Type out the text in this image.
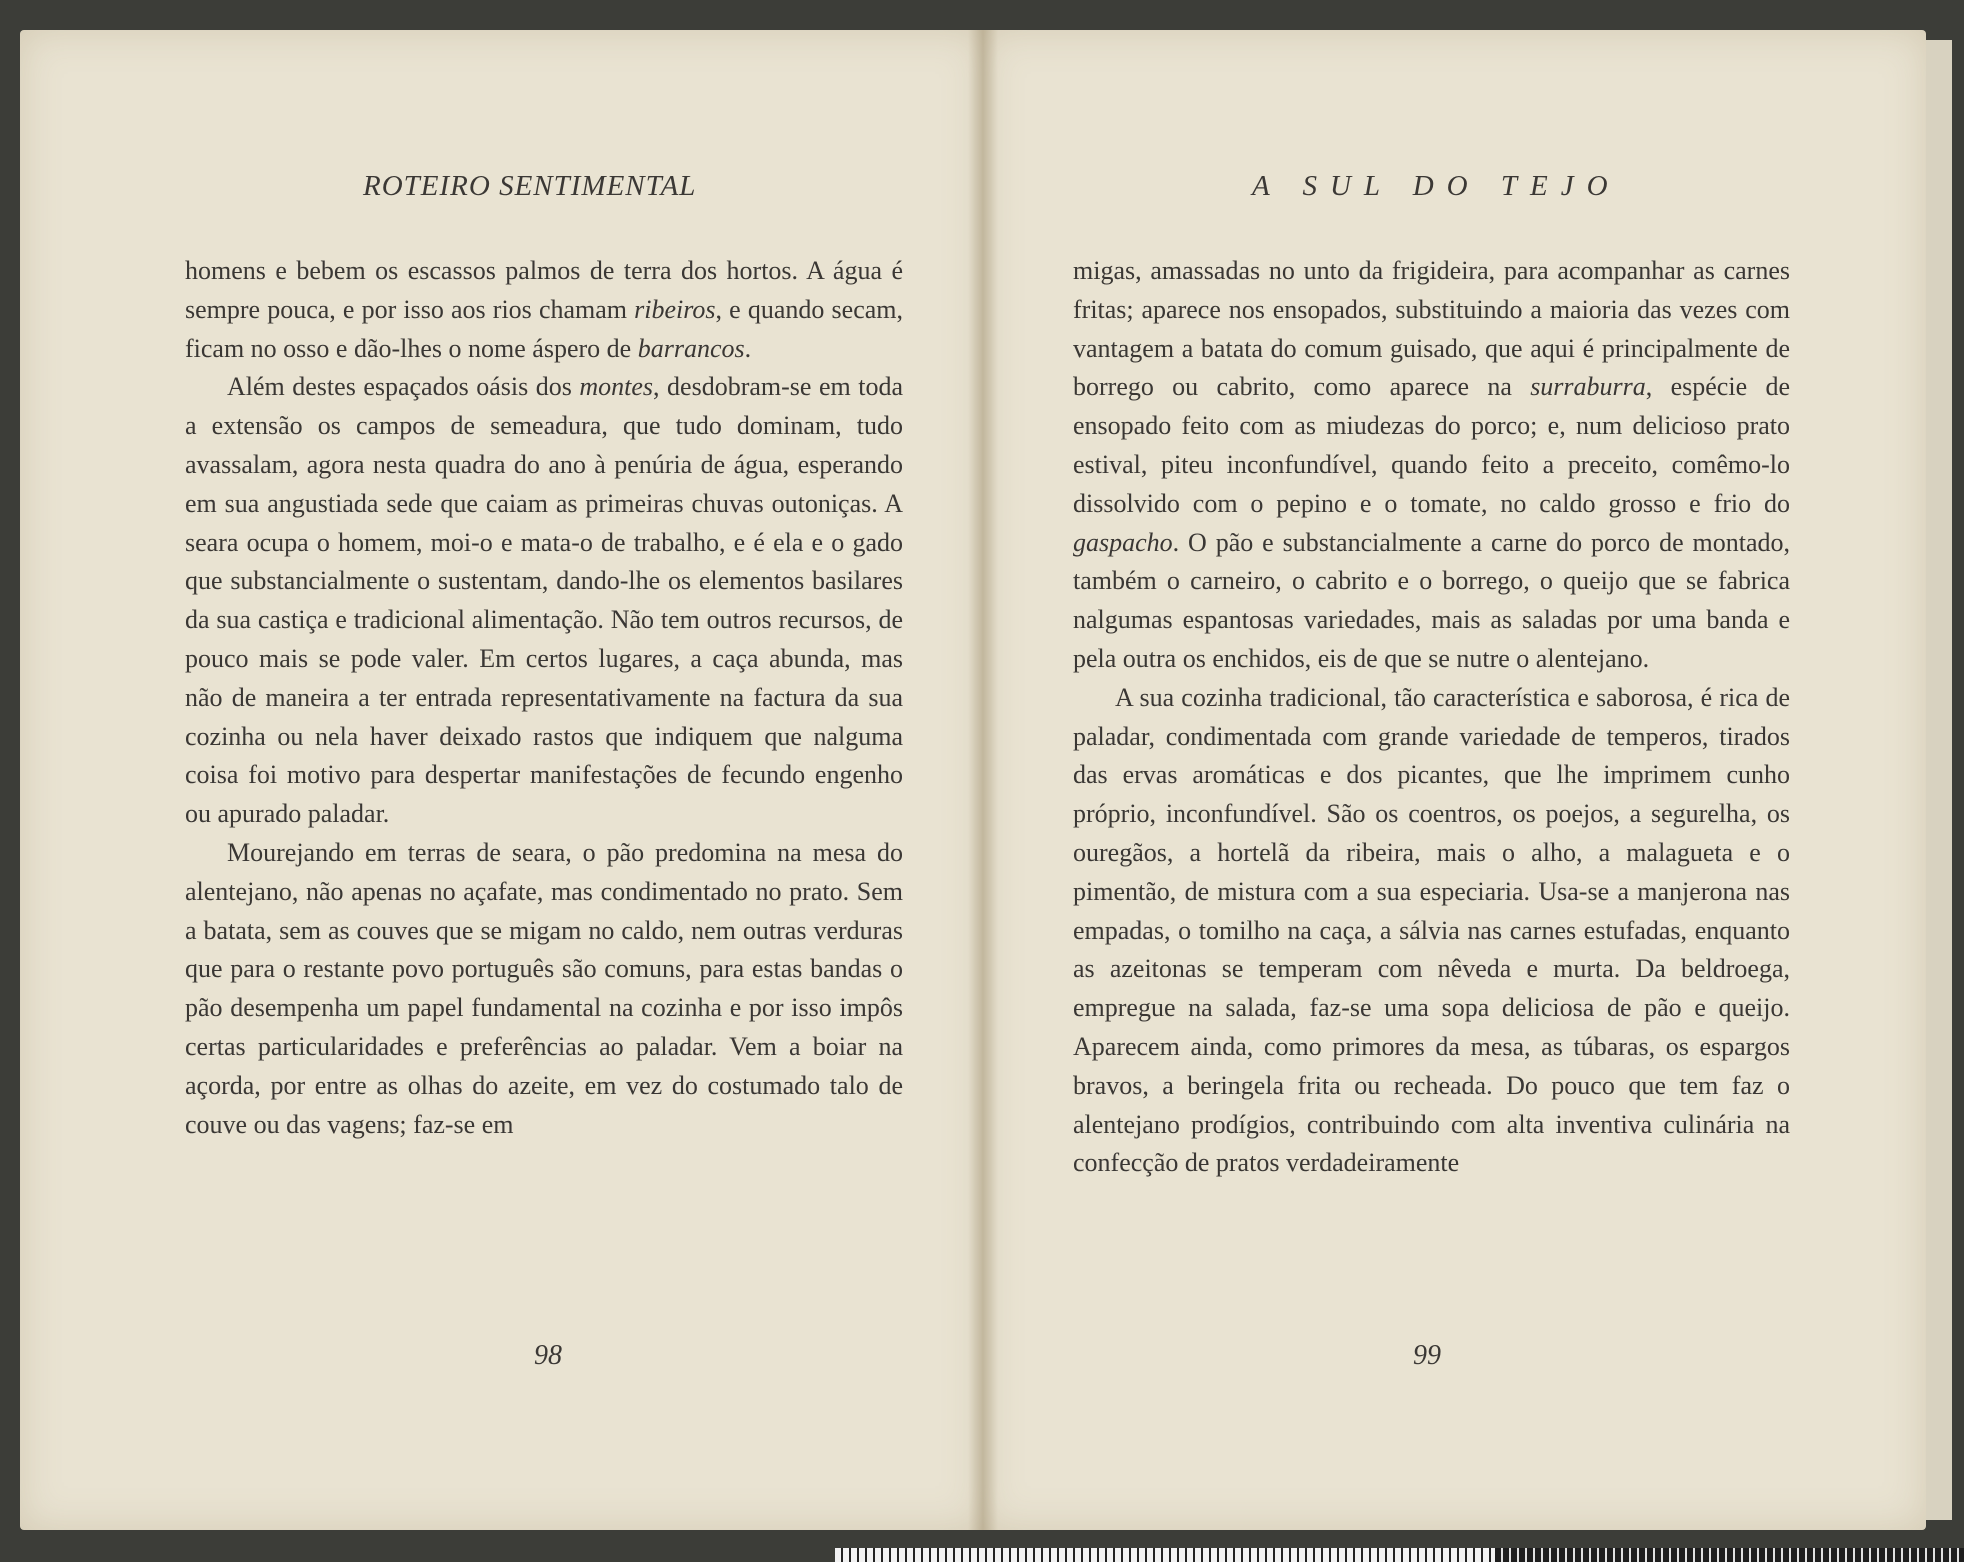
ROTEIRO SENTIMENTAL	A SUL DO TEJO

homens e bebem os escassos palmos de terra dos hortos. A água é sempre pouca, e por isso aos rios chamam ribeiros, e quando secam, ficam no osso e dão-lhes o nome áspero de barrancos.

Além destes espaçados oásis dos montes, desdobram-se em toda a extensão os campos de semeadura, que tudo dominam, tudo avassalam, agora nesta quadra do ano à penúria de água, esperando em sua angustiada sede que caiam as primeiras chuvas outoniças. A seara ocupa o homem, moi-o e mata-o de trabalho, e é ela e o gado que substancialmente o sustentam, dando-lhe os elementos basilares da sua castiça e tradicional alimentação. Não tem outros recursos, de pouco mais se pode valer. Em certos lugares, a caça abunda, mas não de maneira a ter entrada representativamente na factura da sua cozinha ou nela haver deixado rastos que indiquem que nalguma coisa foi motivo para despertar manifestações de fecundo engenho ou apurado paladar.

Mourejando em terras de seara, o pão predomina na mesa do alentejano, não apenas no açafate, mas condimentado no prato. Sem a batata, sem as couves que se migam no caldo, nem outras verduras que para o restante povo português são comuns, para estas bandas o pão desempenha um papel fundamental na cozinha e por isso impôs certas particularidades e preferências ao paladar. Vem a boiar na açorda, por entre as olhas do azeite, em vez do costumado talo de couve ou das vagens; faz-se em

migas, amassadas no unto da frigideira, para acompanhar as carnes fritas; aparece nos ensopados, substituindo a maioria das vezes com vantagem a batata do comum guisado, que aqui é principalmente de borrego ou cabrito, como aparece na surraburra, espécie de ensopado feito com as miudezas do porco; e, num delicioso prato estival, piteu inconfundível, quando feito a preceito, comêmo-lo dissolvido com o pepino e o tomate, no caldo grosso e frio do gaspacho. O pão e substancialmente a carne do porco de montado, também o carneiro, o cabrito e o borrego, o queijo que se fabrica nalgumas espantosas variedades, mais as saladas por uma banda e pela outra os enchidos, eis de que se nutre o alentejano.

A sua cozinha tradicional, tão característica e saborosa, é rica de paladar, condimentada com grande variedade de temperos, tirados das ervas aromáticas e dos picantes, que lhe imprimem cunho próprio, inconfundível. São os coentros, os poejos, a segurelha, os ouregãos, a hortelã da ribeira, mais o alho, a malagueta e o pimentão, de mistura com a sua especiaria. Usa-se a manjerona nas empadas, o tomilho na caça, a sálvia nas carnes estufadas, enquanto as azeitonas se temperam com nêveda e murta. Da beldroega, empregue na salada, faz-se uma sopa deliciosa de pão e queijo. Aparecem ainda, como primores da mesa, as túbaras, os espargos bravos, a beringela frita ou recheada. Do pouco que tem faz o alentejano prodígios, contribuindo com alta inventiva culinária na confecção de pratos verdadeiramente

98	99
